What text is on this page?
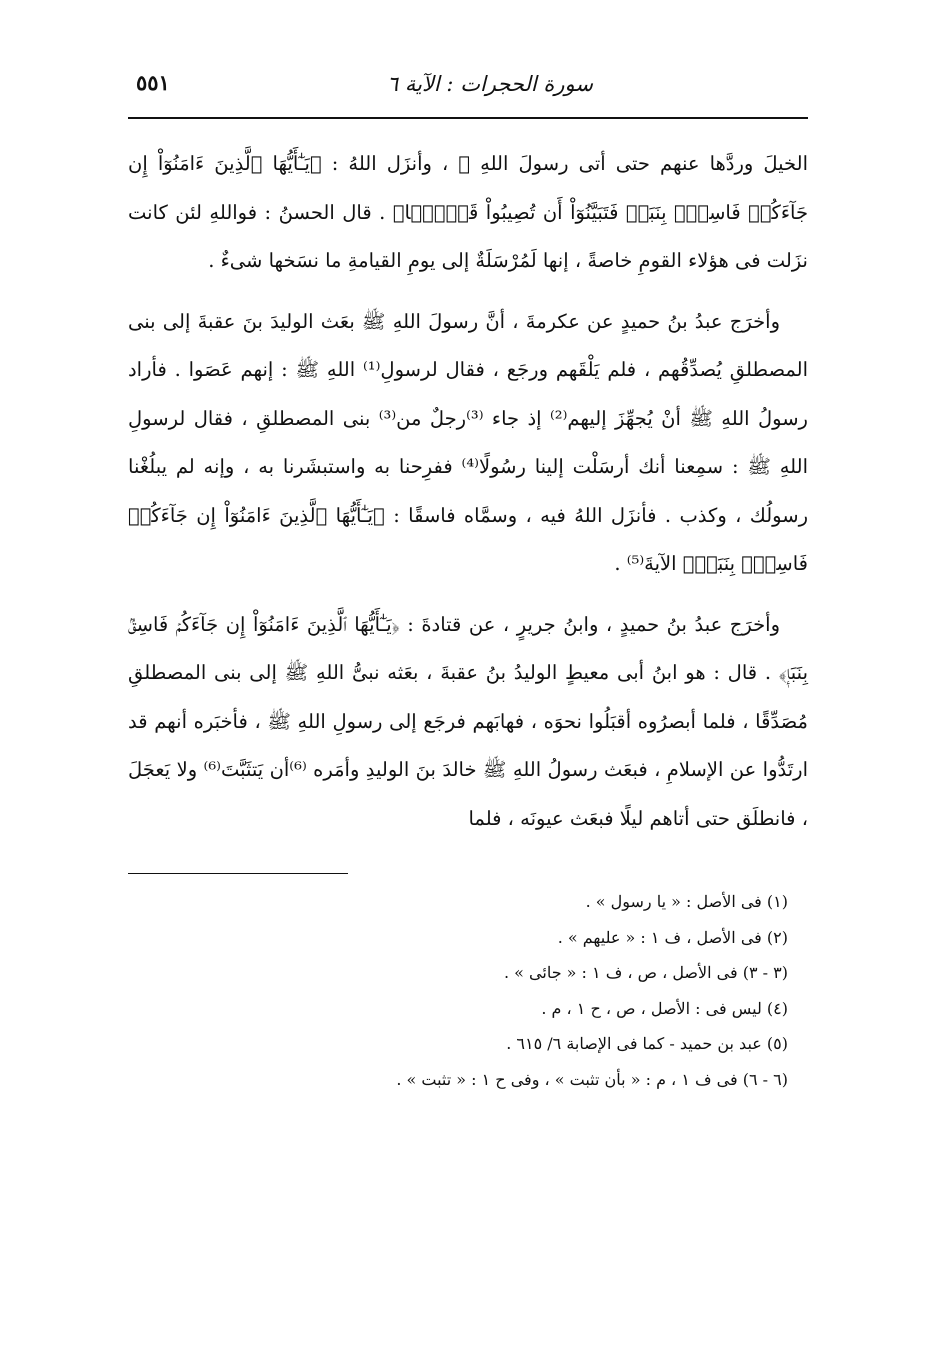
سورة الحجرات : الآية ٦
٥٥١

الخيلَ وردَّها عنهم حتى أتى رسولَ اللهِ ﷺ ، وأنزَل اللهُ : ﴿يَـٰٓأَيُّهَا ٱلَّذِينَ ءَامَنُوٓاْ إِن جَآءَكُمۡ فَاسِقُۢ بِنَبَإٖ فَتَبَيَّنُوٓاْ أَن تُصِيبُواْ قَوۡمَۢا﴾ . قال الحسنُ : فواللهِ لئن كانت نزَلت فى هؤلاء القومِ خاصةً ، إنها لَمُرْسَلَةٌ إلى يومِ القيامةِ ما نسَخها شىءٌ .

وأخرَج عبدُ بنُ حميدٍ عن عكرمةَ ، أنَّ رسولَ اللهِ ﷺ بعَث الوليدَ بنَ عقبةَ إلى بنى المصطلقِ يُصدِّقُهم ، فلم يَلْقَهم ورجَع ، فقال لرسولِ⁽¹⁾ اللهِ ﷺ : إنهم عَصَوا . فأراد رسولُ اللهِ ﷺ أنْ يُجهِّزَ إليهم⁽²⁾ إذ جاء ⁽³⁾رجلٌ من⁽³⁾ بنى المصطلقِ ، فقال لرسولِ اللهِ ﷺ : سمِعنا أنك أرسَلْت إلينا رسُولًا⁽⁴⁾ ففرِحنا به واستبشَرنا به ، وإنه لم يبلُغْنا رسولُك ، وكذب . فأنزَل اللهُ فيه ، وسمَّاه فاسقًا : ﴿يَـٰٓأَيُّهَا ٱلَّذِينَ ءَامَنُوٓاْ إِن جَآءَكُمۡ فَاسِقُۢ بِنَبَإٖ﴾ الآيةَ⁽⁵⁾ .

وأخرَج عبدُ بنُ حميدٍ ، وابنُ جريرٍ ، عن قتادةَ : ﴿يَـٰٓأَيُّهَا ٱلَّذِينَ ءَامَنُوٓاْ إِن جَآءَكُمۡ فَاسِقُۢ بِنَبَإٖ﴾ . قال : هو ابنُ أبى معيطٍ الوليدُ بنُ عقبةَ ، بعَثه نبىُّ اللهِ ﷺ إلى بنى المصطلقِ مُصَدِّقًا ، فلما أبصرُوه أقبَلُوا نحوَه ، فهابَهم فرجَع إلى رسولِ اللهِ ﷺ ، فأخبَره أنهم قد ارتَدُّوا عن الإسلامِ ، فبعَث رسولُ اللهِ ﷺ خالدَ بنَ الوليدِ وأمَره ⁽⁶⁾أن يَتثَبَّتَ⁽⁶⁾ ولا يَعجَلَ ، فانطلَق حتى أتاهم ليلًا فبعَث عيونَه ، فلما

(١) فى الأصل : « يا رسول » .

(٢) فى الأصل ، ف ١ : « عليهم » .

(٣ - ٣) فى الأصل ، ص ، ف ١ : « جائى » .

(٤) ليس فى : الأصل ، ص ، ح ١ ، م .

(٥) عبد بن حميد - كما فى الإصابة ٦/ ٦١٥ .

(٦ - ٦) فى ف ١ ، م : « بأن تثبت » ، وفى ح ١ : « تثبت » .
